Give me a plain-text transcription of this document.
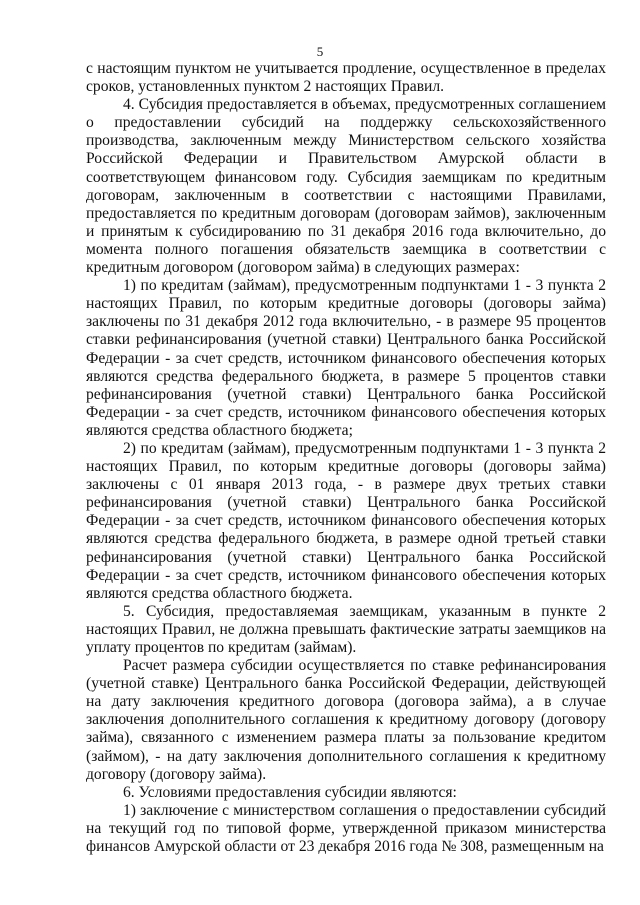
5

с настоящим пунктом не учитывается продление, осуществленное в пределах сроков, установленных пунктом 2 настоящих Правил.

4. Субсидия предоставляется в объемах, предусмотренных соглашением о предоставлении субсидий на поддержку сельскохозяйственного производства, заключенным между Министерством сельского хозяйства Российской Федерации и Правительством Амурской области в соответствующем финансовом году. Субсидия заемщикам по кредитным договорам, заключенным в соответствии с настоящими Правилами, предоставляется по кредитным договорам (договорам займов), заключенным и принятым к субсидированию по 31 декабря 2016 года включительно, до момента полного погашения обязательств заемщика в соответствии с кредитным договором (договором займа) в следующих размерах:

1) по кредитам (займам), предусмотренным подпунктами 1 - 3 пункта 2 настоящих Правил, по которым кредитные договоры (договоры займа) заключены по 31 декабря 2012 года включительно, - в размере 95 процентов ставки рефинансирования (учетной ставки) Центрального банка Российской Федерации - за счет средств, источником финансового обеспечения которых являются средства федерального бюджета, в размере 5 процентов ставки рефинансирования (учетной ставки) Центрального банка Российской Федерации - за счет средств, источником финансового обеспечения которых являются средства областного бюджета;

2) по кредитам (займам), предусмотренным подпунктами 1 - 3 пункта 2 настоящих Правил, по которым кредитные договоры (договоры займа) заключены с 01 января 2013 года, - в размере двух третьих ставки рефинансирования (учетной ставки) Центрального банка Российской Федерации - за счет средств, источником финансового обеспечения которых являются средства федерального бюджета, в размере одной третьей ставки рефинансирования (учетной ставки) Центрального банка Российской Федерации - за счет средств, источником финансового обеспечения которых являются средства областного бюджета.

5. Субсидия, предоставляемая заемщикам, указанным в пункте 2 настоящих Правил, не должна превышать фактические затраты заемщиков на уплату процентов по кредитам (займам).

Расчет размера субсидии осуществляется по ставке рефинансирования (учетной ставке) Центрального банка Российской Федерации, действующей на дату заключения кредитного договора (договора займа), а в случае заключения дополнительного соглашения к кредитному договору (договору займа), связанного с изменением размера платы за пользование кредитом (займом), - на дату заключения дополнительного соглашения к кредитному договору (договору займа).

6. Условиями предоставления субсидии являются:

1) заключение с министерством соглашения о предоставлении субсидий на текущий год по типовой форме, утвержденной приказом министерства финансов Амурской области от 23 декабря 2016 года № 308, размещенным на
